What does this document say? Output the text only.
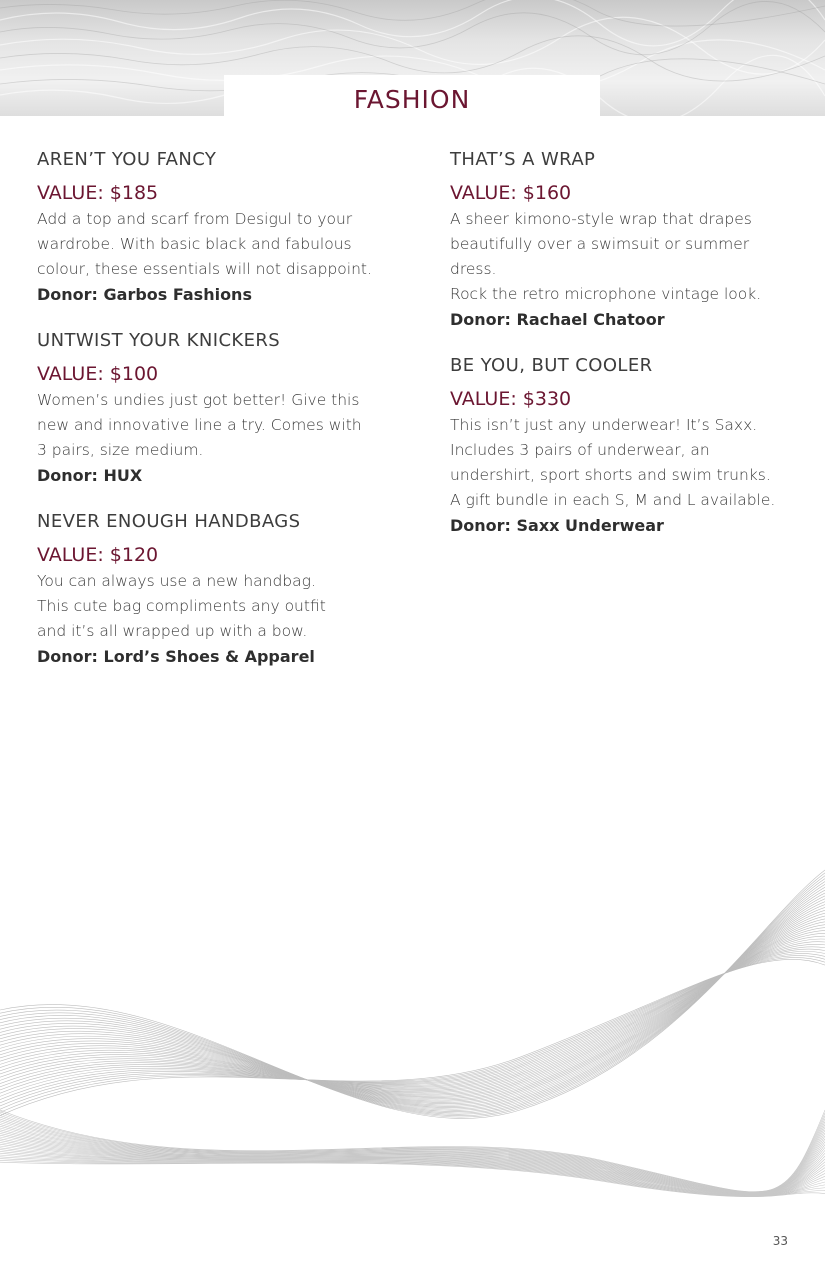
FASHION
AREN’T YOU FANCY
VALUE: $185

Add a top and scarf from Desigul to your
wardrobe. With basic black and fabulous
colour, these essentials will not disappoint.

Donor: Garbos Fashions

UNTWIST YOUR KNICKERS
VALUE: $100

Women’s undies just got better! Give this
new and innovative line a try. Comes with
3 pairs, size medium.

Donor: HUX

NEVER ENOUGH HANDBAGS
VALUE: $120

You can always use a new handbag.
This cute bag compliments any outfit
and it’s all wrapped up with a bow.

Donor: Lord’s Shoes & Apparel

THAT’S A WRAP
VALUE: $160

A sheer kimono-style wrap that drapes
beautifully over a swimsuit or summer dress.
Rock the retro microphone vintage look.

Donor: Rachael Chatoor

BE YOU, BUT COOLER
VALUE: $330

This isn’t just any underwear! It’s Saxx.
Includes 3 pairs of underwear, an
undershirt, sport shorts and swim trunks.
A gift bundle in each S, M and L available.

Donor: Saxx Underwear

33
